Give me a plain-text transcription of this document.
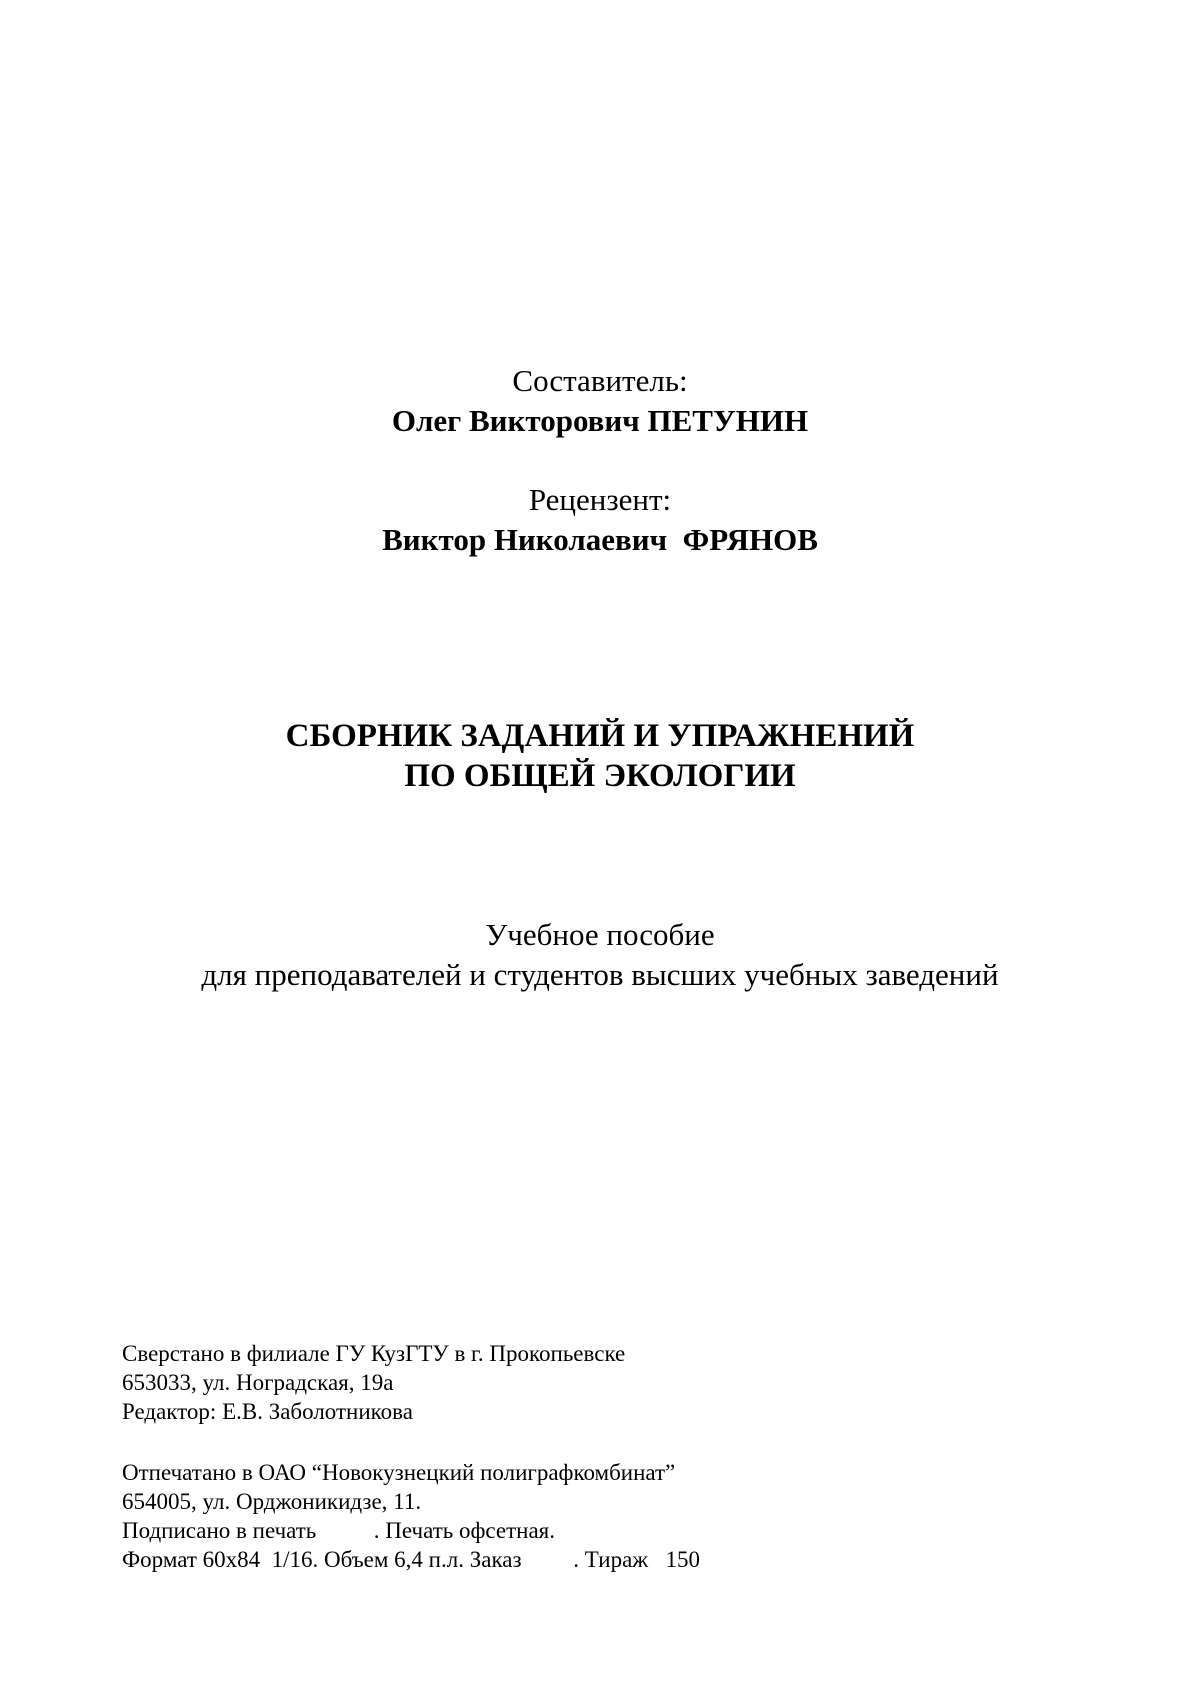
Составитель:
Олег Викторович ПЕТУНИН
Рецензент:
Виктор Николаевич  ФРЯНОВ
СБОРНИК ЗАДАНИЙ И УПРАЖНЕНИЙ
ПО ОБЩЕЙ ЭКОЛОГИИ
Учебное пособие
для преподавателей и студентов высших учебных заведений
Сверстано в филиале ГУ КузГТУ в г. Прокопьевске
653033, ул. Ноградская, 19а
Редактор: Е.В. Заболотникова
Отпечатано в ОАО “Новокузнецкий полиграфкомбинат”
654005, ул. Орджоникидзе, 11.
Подписано в печать          . Печать офсетная.
Формат 60х84  1/16. Объем 6,4 п.л. Заказ         . Тираж   150
